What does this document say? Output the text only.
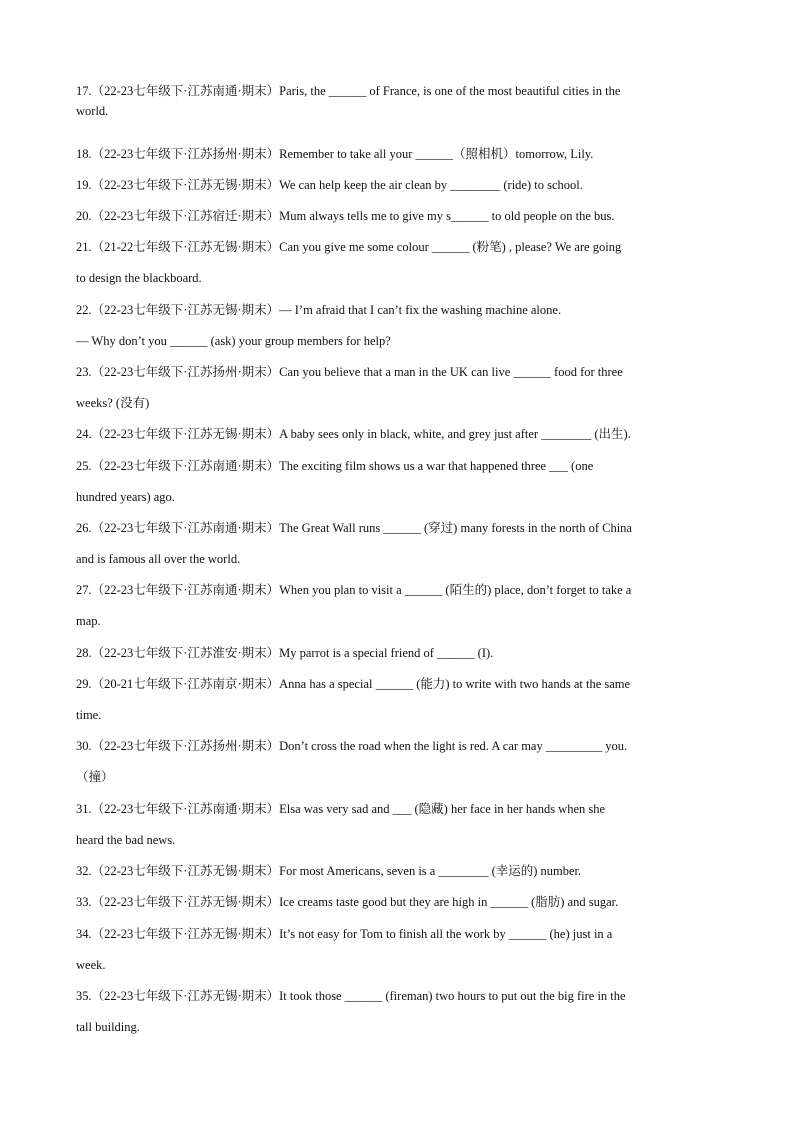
17.（22-23七年级下·江苏南通·期末）Paris, the ______ of France, is one of the most beautiful cities in the
world.
18.（22-23七年级下·江苏扬州·期末）Remember to take all your ______（照相机）tomorrow, Lily.
19.（22-23七年级下·江苏无锡·期末）We can help keep the air clean by ________ (ride) to school.
20.（22-23七年级下·江苏宿迁·期末）Mum always tells me to give my s______ to old people on the bus.
21.（21-22七年级下·江苏无锡·期末）Can you give me some colour ______ (粉笔) , please? We are going
to design the blackboard.
22.（22-23七年级下·江苏无锡·期末）— I’m afraid that I can’t fix the washing machine alone.
— Why don’t you ______ (ask) your group members for help?
23.（22-23七年级下·江苏扬州·期末）Can you believe that a man in the UK can live ______ food for three
weeks? (没有)
24.（22-23七年级下·江苏无锡·期末）A baby sees only in black, white, and grey just after ________ (出生).
25.（22-23七年级下·江苏南通·期末）The exciting film shows us a war that happened three ___ (one
hundred years) ago.
26.（22-23七年级下·江苏南通·期末）The Great Wall runs ______ (穿过) many forests in the north of China
and is famous all over the world.
27.（22-23七年级下·江苏南通·期末）When you plan to visit a ______ (陌生的) place, don’t forget to take a
map.
28.（22-23七年级下·江苏淮安·期末）My parrot is a special friend of ______ (I).
29.（20-21七年级下·江苏南京·期末）Anna has a special ______ (能力) to write with two hands at the same
time.
30.（22-23七年级下·江苏扬州·期末）Don’t cross the road when the light is red. A car may _________ you.
（撞）
31.（22-23七年级下·江苏南通·期末）Elsa was very sad and ___ (隐藏) her face in her hands when she
heard the bad news.
32.（22-23七年级下·江苏无锡·期末）For most Americans, seven is a ________ (幸运的) number.
33.（22-23七年级下·江苏无锡·期末）Ice creams taste good but they are high in ______ (脂肪) and sugar.
34.（22-23七年级下·江苏无锡·期末）It’s not easy for Tom to finish all the work by ______ (he) just in a
week.
35.（22-23七年级下·江苏无锡·期末）It took those ______ (fireman) two hours to put out the big fire in the
tall building.
